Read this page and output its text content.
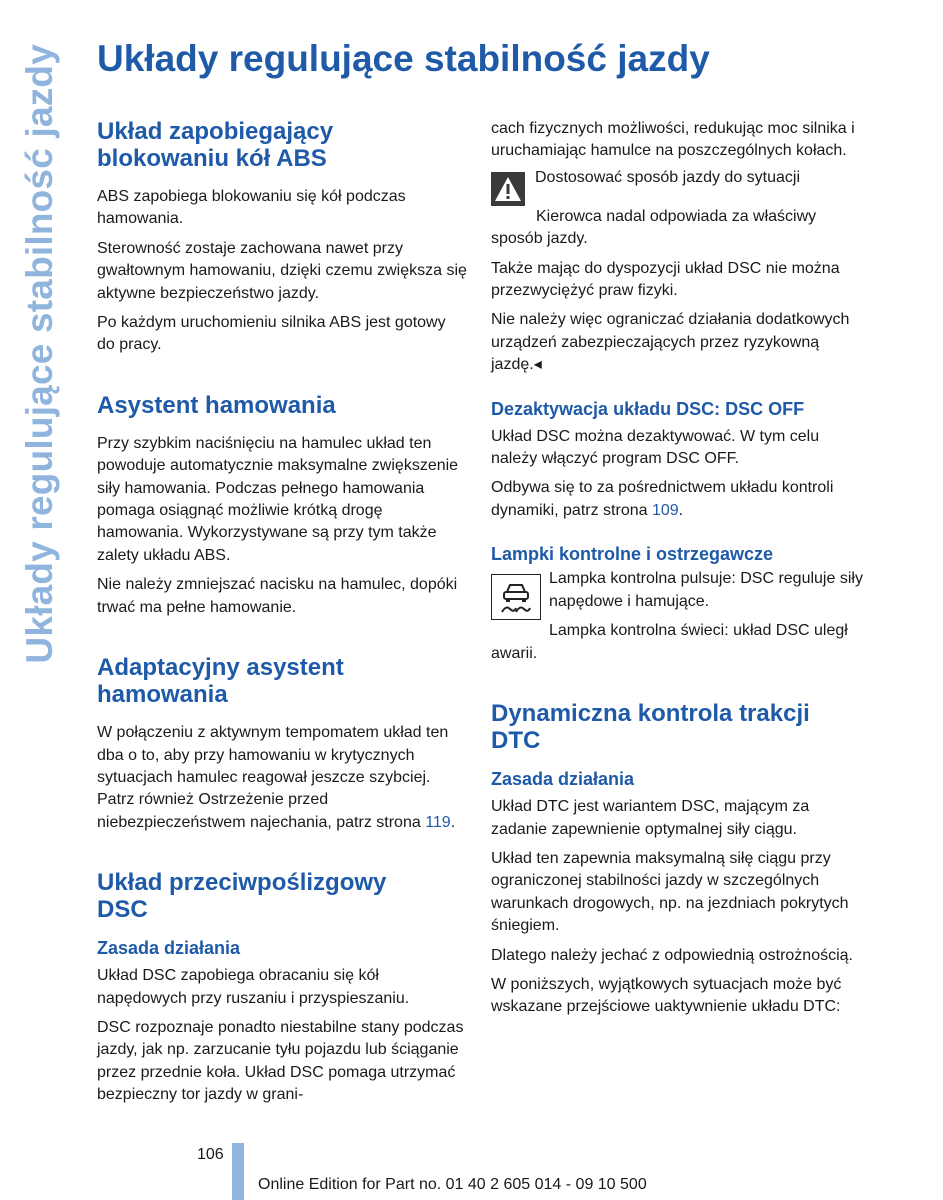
Układy regulujące stabilność jazdy Układy regulujące stabilność jazdy
Układ zapobiegający blokowaniu kół ABS

ABS zapobiega blokowaniu się kół podczas hamowania.

Sterowność zostaje zachowana nawet przy gwałtownym hamowaniu, dzięki czemu zwiększa się aktywne bezpieczeństwo jazdy.

Po każdym uruchomieniu silnika ABS jest gotowy do pracy.

Asystent hamowania

Przy szybkim naciśnięciu na hamulec układ ten powoduje automatycznie maksymalne zwiększenie siły hamowania. Podczas pełnego hamowania pomaga osiągnąć możliwie krótką drogę hamowania. Wykorzystywane są przy tym także zalety układu ABS.

Nie należy zmniejszać nacisku na hamulec, dopóki trwać ma pełne hamowanie.

Adaptacyjny asystent hamowania

W połączeniu z aktywnym tempomatem układ ten dba o to, aby przy hamowaniu w krytycznych sytuacjach hamulec reagował jeszcze szybciej. Patrz również Ostrzeżenie przed niebezpieczeństwem najechania, patrz strona 119.

Układ przeciwpoślizgowy DSC
Zasada działania

Układ DSC zapobiega obracaniu się kół napędowych przy ruszaniu i przyspieszaniu.

DSC rozpoznaje ponadto niestabilne stany podczas jazdy, jak np. zarzucanie tyłu pojazdu lub ściąganie przez przednie koła. Układ DSC pomaga utrzymać bezpieczny tor jazdy w grani-

cach fizycznych możliwości, redukując moc silnika i uruchamiając hamulce na poszczególnych kołach.

Dostosować sposób jazdy do sytuacji

Kierowca nadal odpowiada za właściwy sposób jazdy.

Także mając do dyspozycji układ DSC nie można przezwyciężyć praw fizyki.

Nie należy więc ograniczać działania dodatkowych urządzeń zabezpieczających przez ryzykowną jazdę.◂

Dezaktywacja układu DSC: DSC OFF

Układ DSC można dezaktywować. W tym celu należy włączyć program DSC OFF.

Odbywa się to za pośrednictwem układu kontroli dynamiki, patrz strona 109.

Lampki kontrolne i ostrzegawcze

Lampka kontrolna pulsuje: DSC reguluje siły napędowe i hamujące.

Lampka kontrolna świeci: układ DSC uległ awarii.

Dynamiczna kontrola trakcji DTC
Zasada działania

Układ DTC jest wariantem DSC, mającym za zadanie zapewnienie optymalnej siły ciągu.

Układ ten zapewnia maksymalną siłę ciągu przy ograniczonej stabilności jazdy w szczególnych warunkach drogowych, np. na jezdniach pokrytych śniegiem.

Dlatego należy jechać z odpowiednią ostrożnością.

W poniższych, wyjątkowych sytuacjach może być wskazane przejściowe uaktywnienie układu DTC:

106
Online Edition for Part no. 01 40 2 605 014 - 09 10 500
